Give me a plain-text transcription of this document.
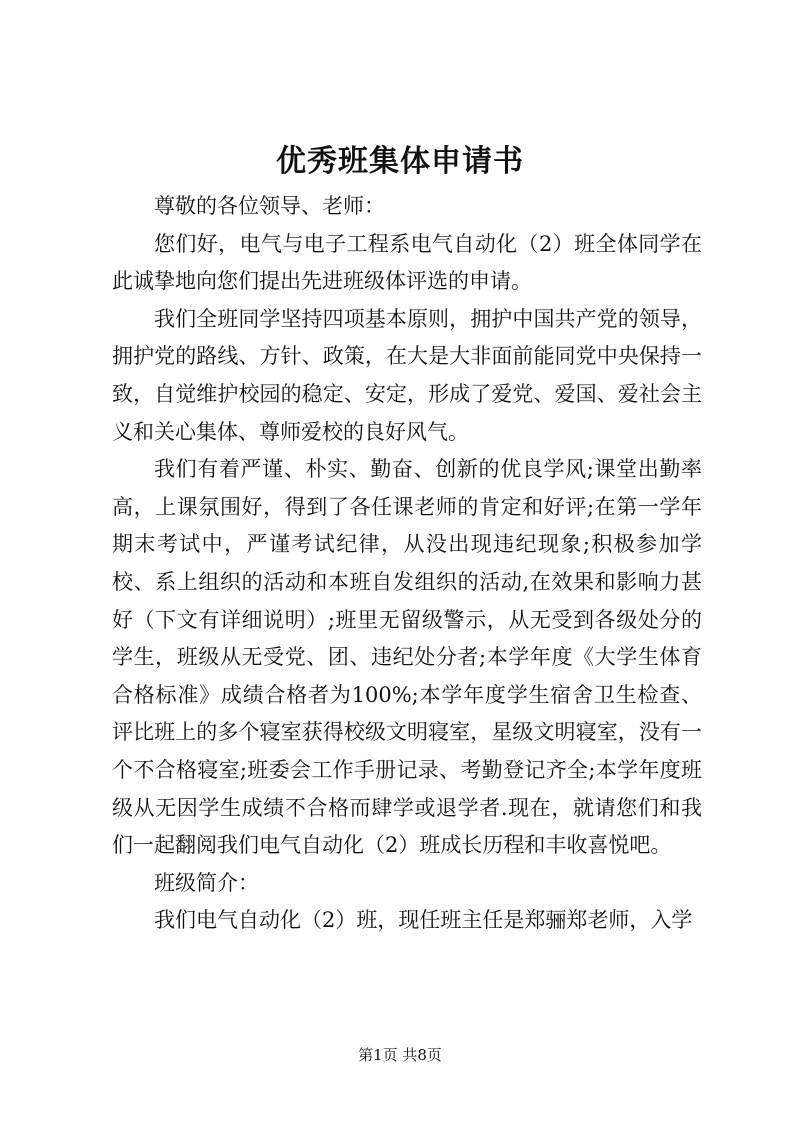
优秀班集体申请书

尊敬的各位领导、老师：

您们好，电气与电子工程系电气自动化（2）班全体同学在此诚挚地向您们提出先进班级体评选的申请。

我们全班同学坚持四项基本原则，拥护中国共产党的领导，拥护党的路线、方针、政策，在大是大非面前能同党中央保持一致，自觉维护校园的稳定、安定，形成了爱党、爱国、爱社会主义和关心集体、尊师爱校的良好风气。

我们有着严谨、朴实、勤奋、创新的优良学风;课堂出勤率高，上课氛围好，得到了各任课老师的肯定和好评;在第一学年期末考试中，严谨考试纪律，从没出现违纪现象;积极参加学校、系上组织的活动和本班自发组织的活动,在效果和影响力甚好（下文有详细说明）;班里无留级警示，从无受到各级处分的学生，班级从无受党、团、违纪处分者;本学年度《大学生体育合格标准》成绩合格者为100%;本学年度学生宿舍卫生检查、评比班上的多个寝室获得校级文明寝室，星级文明寝室，没有一个不合格寝室;班委会工作手册记录、考勤登记齐全;本学年度班级从无因学生成绩不合格而肆学或退学者.现在，就请您们和我们一起翻阅我们电气自动化（2）班成长历程和丰收喜悦吧。

班级简介：

我们电气自动化（2）班，现任班主任是郑骊郑老师，入学

第1页 共8页
